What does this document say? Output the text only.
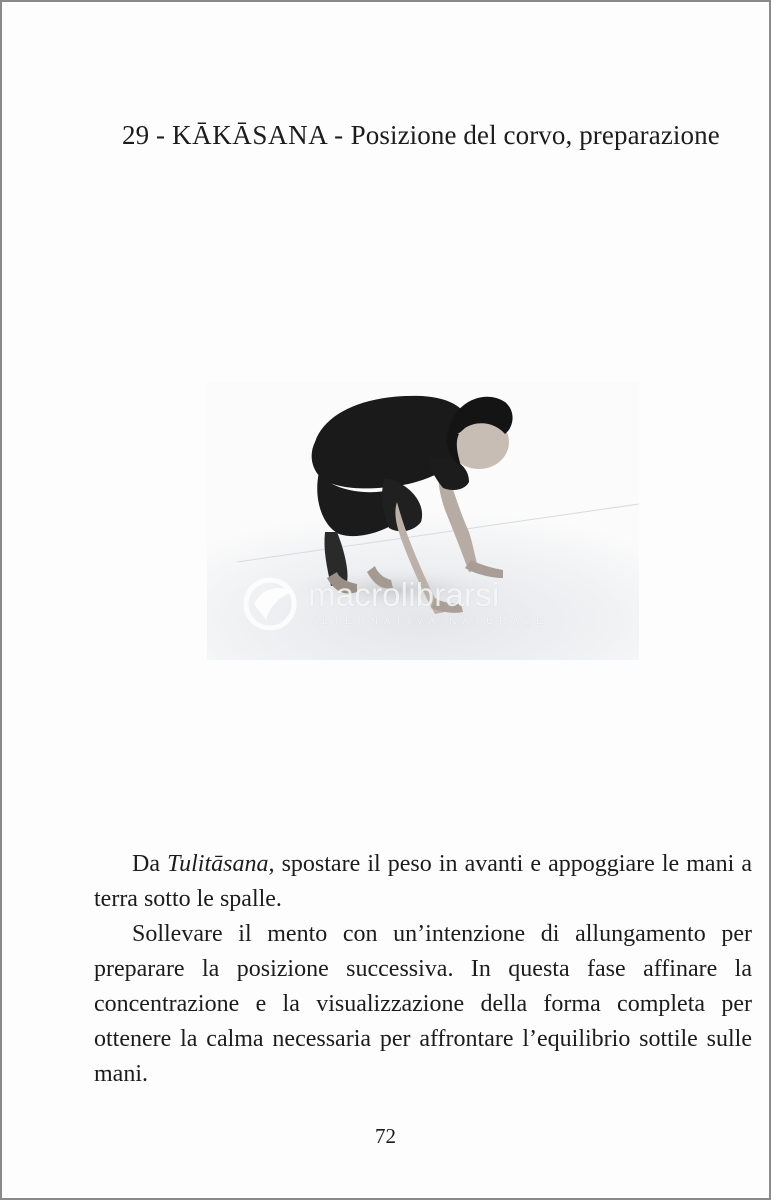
29 - KĀKĀSANA - Posizione del corvo, preparazione
macrolibrarsi
ALTERNATIVA NATURALE

Da Tulitāsana, spostare il peso in avanti e appoggiare le mani a terra sotto le spalle.

Sollevare il mento con un’intenzione di allungamento per preparare la posizione successiva. In questa fase affinare la concentrazione e la visualizzazione della forma completa per ottenere la calma necessaria per affrontare l’equilibrio sottile sulle mani.

72
